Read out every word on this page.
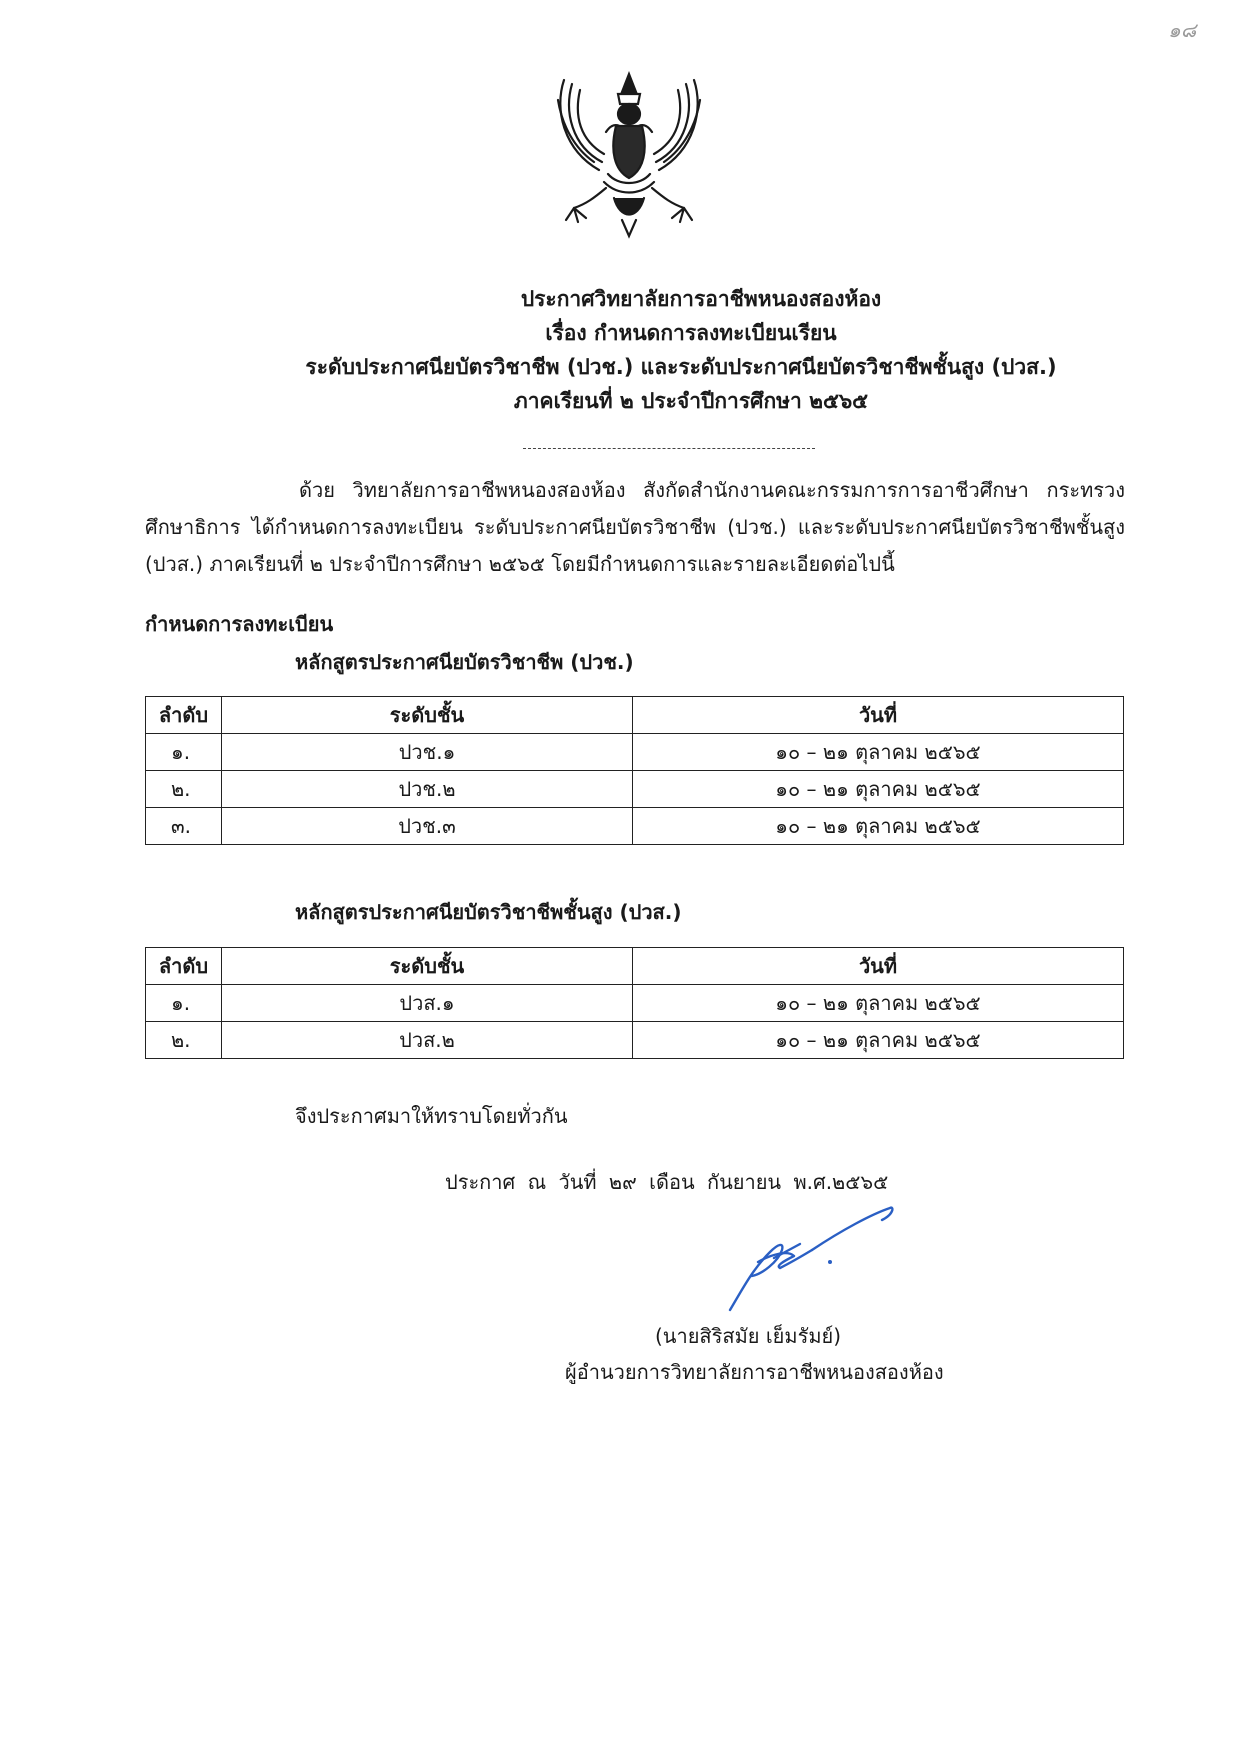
๑๘
ประกาศวิทยาลัยการอาชีพหนองสองห้อง
เรื่อง กำหนดการลงทะเบียนเรียน
ระดับประกาศนียบัตรวิชาชีพ (ปวช.) และระดับประกาศนียบัตรวิชาชีพชั้นสูง (ปวส.)
ภาคเรียนที่ ๒ ประจำปีการศึกษา ๒๕๖๕
ด้วย วิทยาลัยการอาชีพหนองสองห้อง สังกัดสำนักงานคณะกรรมการการอาชีวศึกษา กระทรวงศึกษาธิการ ได้กำหนดการลงทะเบียน ระดับประกาศนียบัตรวิชาชีพ (ปวช.) และระดับประกาศนียบัตรวิชาชีพชั้นสูง (ปวส.) ภาคเรียนที่ ๒ ประจำปีการศึกษา ๒๕๖๕ โดยมีกำหนดการและรายละเอียดต่อไปนี้
กำหนดการลงทะเบียน
หลักสูตรประกาศนียบัตรวิชาชีพ (ปวช.)
ลำดับ	ระดับชั้น	วันที่
๑.	ปวช.๑	๑๐ – ๒๑ ตุลาคม ๒๕๖๕
๒.	ปวช.๒	๑๐ – ๒๑ ตุลาคม ๒๕๖๕
๓.	ปวช.๓	๑๐ – ๒๑ ตุลาคม ๒๕๖๕
หลักสูตรประกาศนียบัตรวิชาชีพชั้นสูง (ปวส.)
ลำดับ	ระดับชั้น	วันที่
๑.	ปวส.๑	๑๐ – ๒๑ ตุลาคม ๒๕๖๕
๒.	ปวส.๒	๑๐ – ๒๑ ตุลาคม ๒๕๖๕
จึงประกาศมาให้ทราบโดยทั่วกัน
ประกาศ ณ วันที่ ๒๙ เดือน กันยายน พ.ศ.๒๕๖๕
(นายสิริสมัย เย็มรัมย์)
ผู้อำนวยการวิทยาลัยการอาชีพหนองสองห้อง
